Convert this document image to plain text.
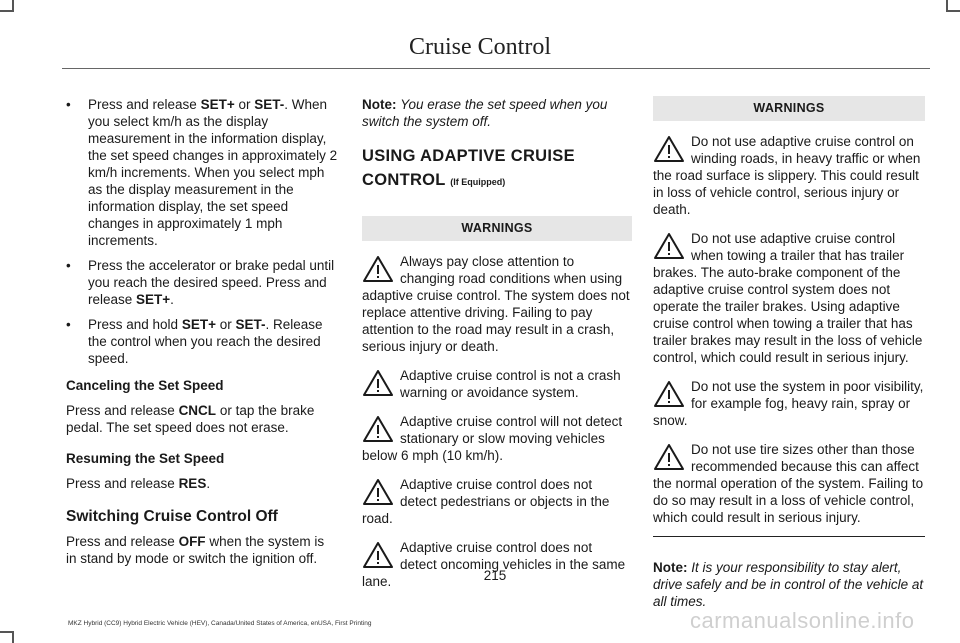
Cruise Control
• Press and release SET+ or SET-. When you select km/h as the display measurement in the information display, the set speed changes in approximately 2 km/h increments. When you select mph as the display measurement in the information display, the set speed changes in approximately 1 mph increments.
• Press the accelerator or brake pedal until you reach the desired speed. Press and release SET+.
• Press and hold SET+ or SET-. Release the control when you reach the desired speed.

Canceling the Set Speed

Press and release CNCL or tap the brake pedal. The set speed does not erase.

Resuming the Set Speed

Press and release RES.

Switching Cruise Control Off

Press and release OFF when the system is in stand by mode or switch the ignition off.

Note: You erase the set speed when you switch the system off.

USING ADAPTIVE CRUISE CONTROL (If Equipped)

WARNINGS
Always pay close attention to changing road conditions when using adaptive cruise control. The system does not replace attentive driving. Failing to pay attention to the road may result in a crash, serious injury or death.
Adaptive cruise control is not a crash warning or avoidance system.
Adaptive cruise control will not detect stationary or slow moving vehicles below 6 mph (10 km/h).
Adaptive cruise control does not detect pedestrians or objects in the road.
Adaptive cruise control does not detect oncoming vehicles in the same lane.
WARNINGS
Do not use adaptive cruise control on winding roads, in heavy traffic or when the road surface is slippery. This could result in loss of vehicle control, serious injury or death.
Do not use adaptive cruise control when towing a trailer that has trailer brakes. The auto-brake component of the adaptive cruise control system does not operate the trailer brakes. Using adaptive cruise control when towing a trailer that has trailer brakes may result in the loss of vehicle control, which could result in serious injury.
Do not use the system in poor visibility, for example fog, heavy rain, spray or snow.
Do not use tire sizes other than those recommended because this can affect the normal operation of the system. Failing to do so may result in a loss of vehicle control, which could result in serious injury.

Note: It is your responsibility to stay alert, drive safely and be in control of the vehicle at all times.

215
MKZ Hybrid (CC9) Hybrid Electric Vehicle (HEV), Canada/United States of America, enUSA, First Printing	carmanualsonline.info
